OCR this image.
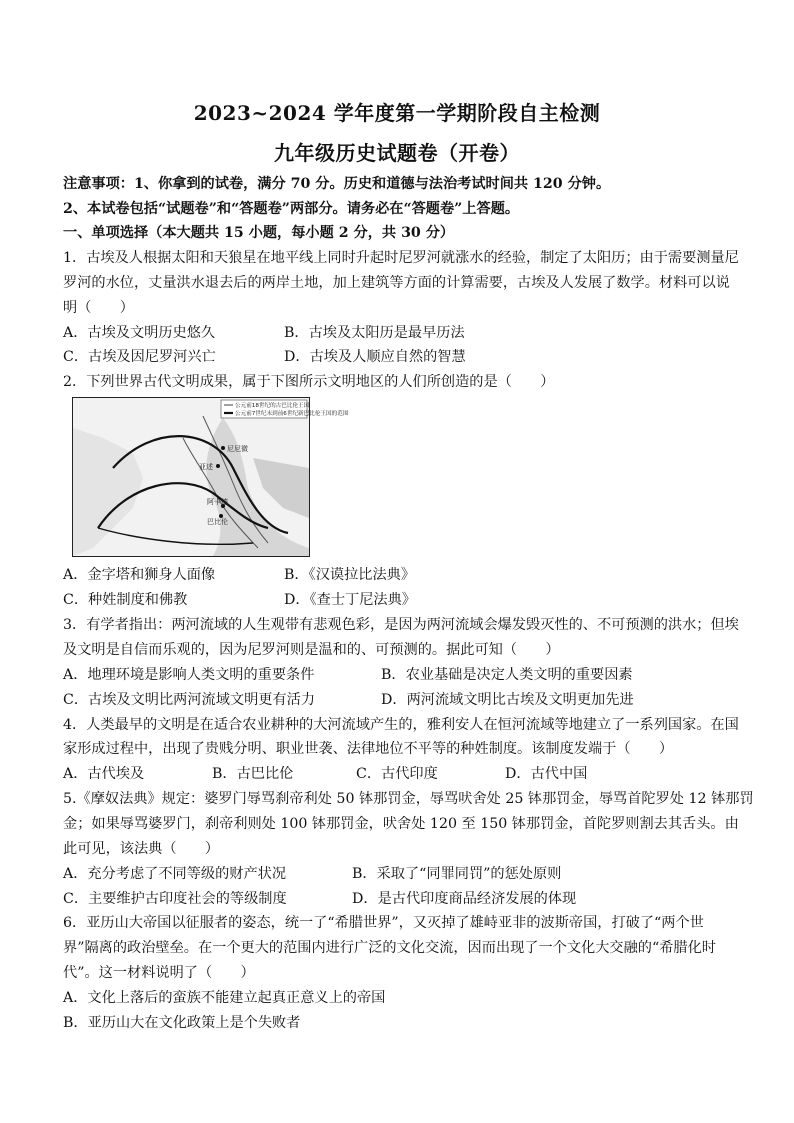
2023~2024 学年度第一学期阶段自主检测
九年级历史试题卷（开卷）
注意事项：1、你拿到的试卷，满分 70 分。历史和道德与法治考试时间共 120 分钟。
2、本试卷包括“试题卷”和“答题卷”两部分。请务必在“答题卷”上答题。
一、单项选择（本大题共 15 小题，每小题 2 分，共 30 分）
1．古埃及人根据太阳和天狼星在地平线上同时升起时尼罗河就涨水的经验，制定了太阳历；由于需要测量尼
罗河的水位，丈量洪水退去后的两岸土地，加上建筑等方面的计算需要，古埃及人发展了数学。材料可以说
明（　　）
A．古埃及文明历史悠久	B．古埃及太阳历是最早历法
C．古埃及因尼罗河兴亡	D．古埃及人顺应自然的智慧
2．下列世界古代文明成果，属于下图所示文明地区的人们所创造的是（　　）
公元前18世纪的古巴比伦王国
公元前7世纪末到前6世纪新巴比伦王国的范围
尼尼微
亚述
阿卡德
巴比伦
A．金字塔和狮身人面像	B．《汉谟拉比法典》
C．种姓制度和佛教	D．《查士丁尼法典》
3．有学者指出：两河流域的人生观带有悲观色彩，是因为两河流域会爆发毁灭性的、不可预测的洪水；但埃
及文明是自信而乐观的，因为尼罗河则是温和的、可预测的。据此可知（　　）
A．地理环境是影响人类文明的重要条件	B．农业基础是决定人类文明的重要因素
C．古埃及文明比两河流域文明更有活力	D．两河流域文明比古埃及文明更加先进
4．人类最早的文明是在适合农业耕种的大河流域产生的，雅利安人在恒河流域等地建立了一系列国家。在国
家形成过程中，出现了贵贱分明、职业世袭、法律地位不平等的种姓制度。该制度发端于（　　）
A．古代埃及	B．古巴比伦	C．古代印度	D．古代中国
5.《摩奴法典》规定：婆罗门辱骂刹帝利处 50 钵那罚金，辱骂吠舍处 25 钵那罚金，辱骂首陀罗处 12 钵那罚
金；如果辱骂婆罗门，刹帝利则处 100 钵那罚金，吠舍处 120 至 150 钵那罚金，首陀罗则割去其舌头。由
此可见，该法典（　　）
A．充分考虑了不同等级的财产状况	B．采取了“同罪同罚”的惩处原则
C．主要维护古印度社会的等级制度	D．是古代印度商品经济发展的体现
6．亚历山大帝国以征服者的姿态，统一了“希腊世界”，又灭掉了雄峙亚非的波斯帝国，打破了“两个世
界”隔离的政治壁垒。在一个更大的范围内进行广泛的文化交流，因而出现了一个文化大交融的“希腊化时
代”。这一材料说明了（　　）
A．文化上落后的蛮族不能建立起真正意义上的帝国
B．亚历山大在文化政策上是个失败者
